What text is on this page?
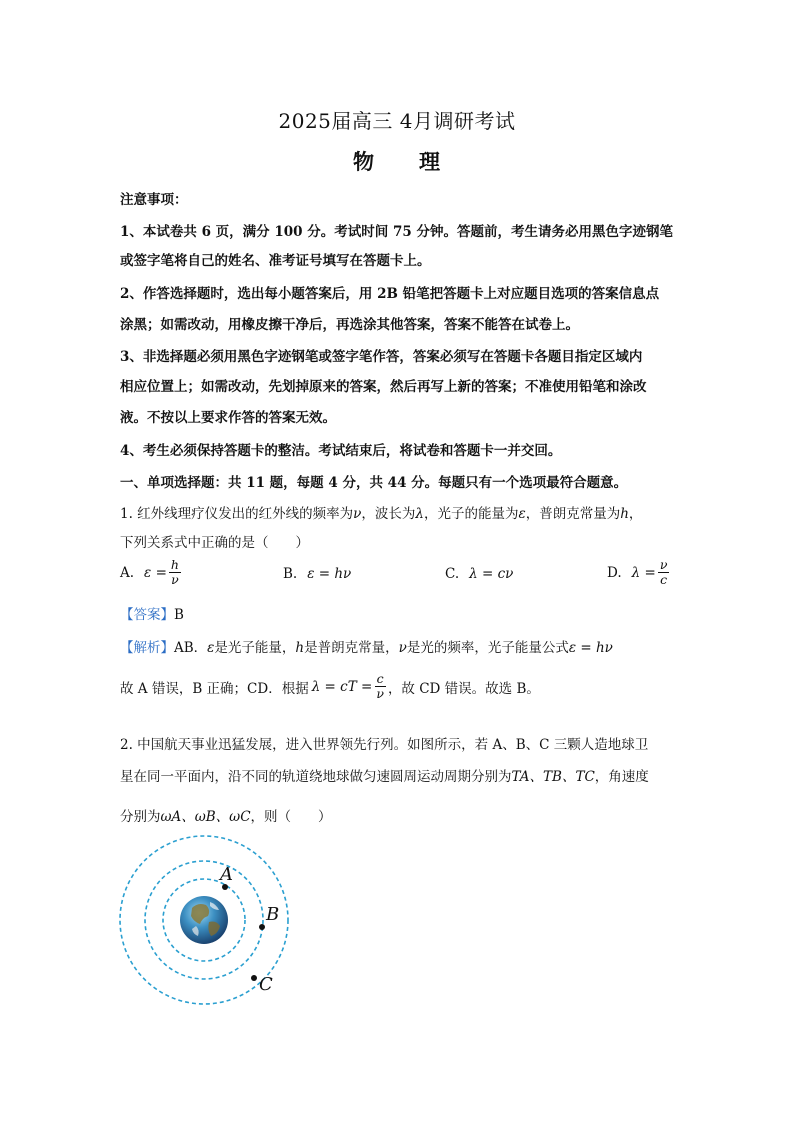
2025届高三 4月调研考试
物 理
注意事项：
1、本试卷共 6 页，满分 100 分。考试时间 75 分钟。答题前，考生请务必用黑色字迹钢笔
或签字笔将自己的姓名、准考证号填写在答题卡上。
2、作答选择题时，选出每小题答案后，用 2B 铅笔把答题卡上对应题目选项的答案信息点
涂黑；如需改动，用橡皮擦干净后，再选涂其他答案，答案不能答在试卷上。
3、非选择题必须用黑色字迹钢笔或签字笔作答，答案必须写在答题卡各题目指定区域内
相应位置上；如需改动，先划掉原来的答案，然后再写上新的答案；不准使用铅笔和涂改
液。不按以上要求作答的答案无效。
4、考生必须保持答题卡的整洁。考试结束后，将试卷和答题卡一并交回。
一、单项选择题：共 11 题，每题 4 分，共 44 分。每题只有一个选项最符合题意。
1. 红外线理疗仪发出的红外线的频率为ν，波长为λ，光子的能量为ε，普朗克常量为h，
下列关系式中正确的是（　　）
A. $\varepsilon = \frac{h}{\nu}$	B. ε = hν	C. λ = cν	D. $\lambda = \frac{\nu}{c}$
【答案】B
【解析】AB．ε是光子能量，h是普朗克常量，ν是光的频率，光子能量公式ε = hν
故 A 错误，B 正确；CD．根据 λ = cT = $\frac{c}{\nu}$ ，故 CD 错误。故选 B。
2. 中国航天事业迅猛发展，进入世界领先行列。如图所示，若 A、B、C 三颗人造地球卫
星在同一平面内，沿不同的轨道绕地球做匀速圆周运动周期分别为TA、TB、TC，角速度
分别为ωA、ωB、ωC，则（　　）
A
B
C
